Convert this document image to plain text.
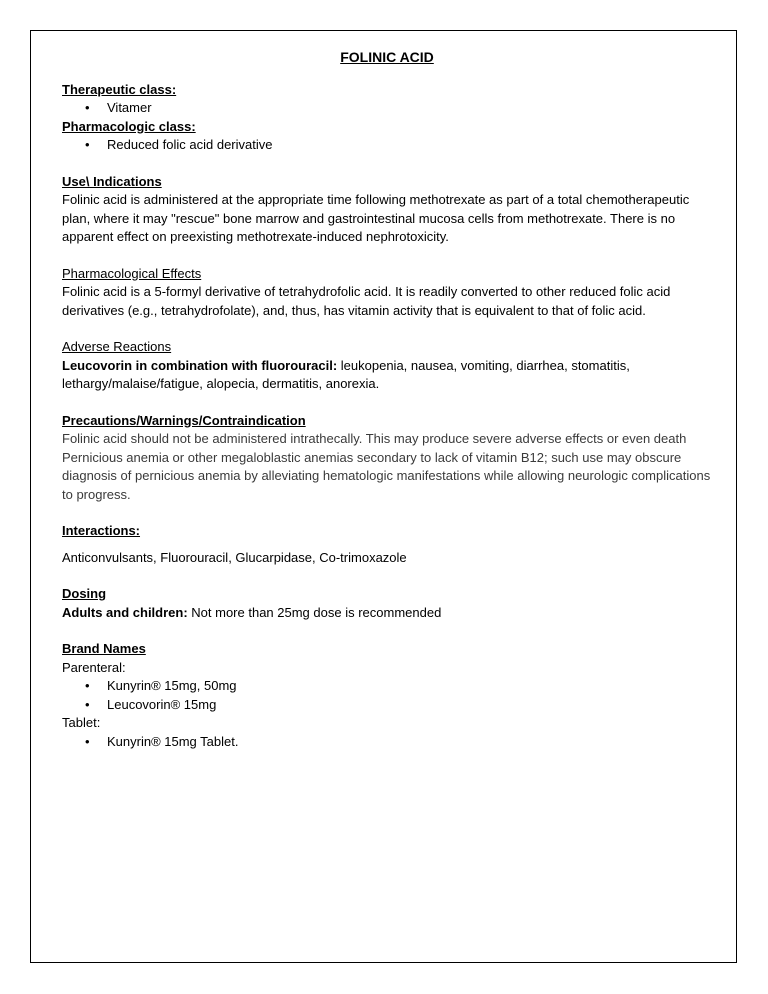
FOLINIC ACID

Therapeutic class:

• Vitamer

Pharmacologic class:

• Reduced folic acid derivative

Use\ Indications

Folinic acid is administered at the appropriate time following methotrexate as part of a total chemotherapeutic plan, where it may "rescue" bone marrow and gastrointestinal mucosa cells from methotrexate. There is no apparent effect on preexisting methotrexate-induced nephrotoxicity.

Pharmacological Effects

Folinic acid is a 5-formyl derivative of tetrahydrofolic acid. It is readily converted to other reduced folic acid derivatives (e.g., tetrahydrofolate), and, thus, has vitamin activity that is equivalent to that of folic acid.

Adverse Reactions

Leucovorin in combination with fluorouracil: leukopenia, nausea, vomiting, diarrhea, stomatitis, lethargy/malaise/fatigue, alopecia, dermatitis, anorexia.

Precautions/Warnings/Contraindication

Folinic acid should not be administered intrathecally. This may produce severe adverse effects or even death

Pernicious anemia or other megaloblastic anemias secondary to lack of vitamin B12; such use may obscure diagnosis of pernicious anemia by alleviating hematologic manifestations while allowing neurologic complications to progress.

Interactions:

Anticonvulsants, Fluorouracil, Glucarpidase, Co-trimoxazole

Dosing

Adults and children: Not more than 25mg dose is recommended

Brand Names

Parenteral:

• Kunyrin® 15mg, 50mg
• Leucovorin® 15mg

Tablet:

• Kunyrin® 15mg Tablet.
